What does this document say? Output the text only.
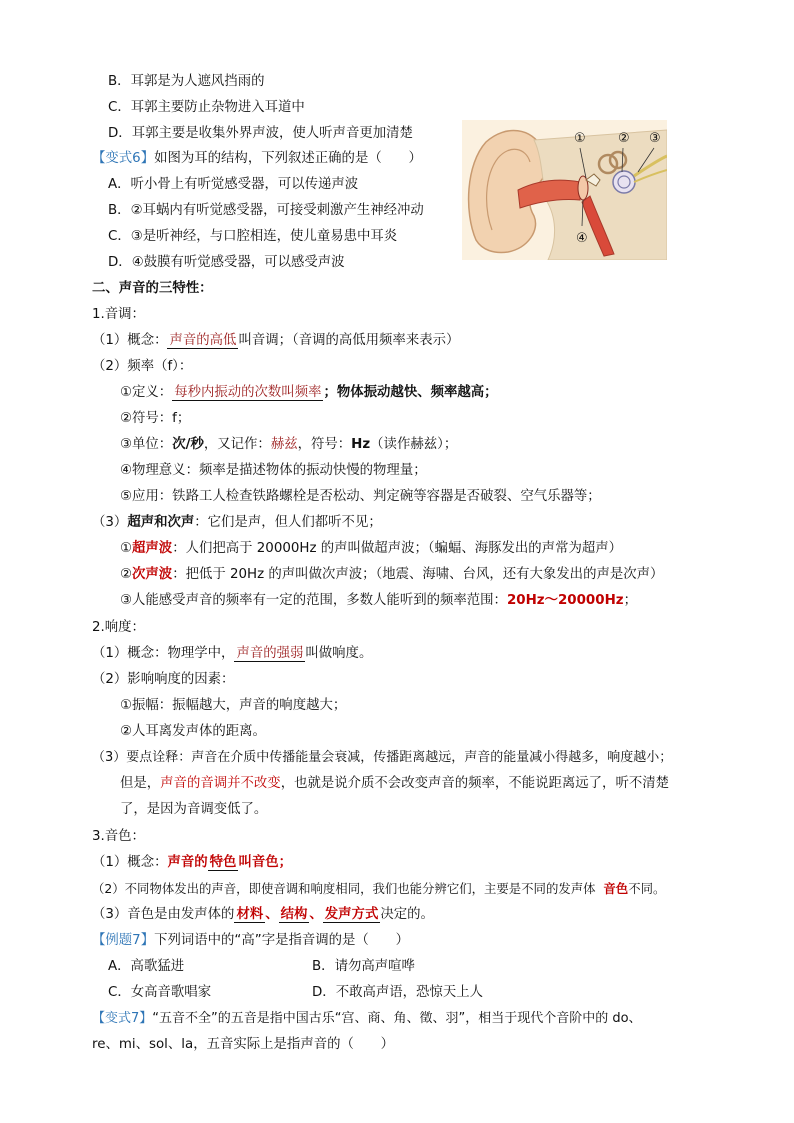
B．耳郭是为人遮风挡雨的
C．耳郭主要防止杂物进入耳道中
D．耳郭主要是收集外界声波，使人听声音更加清楚
【变式6】如图为耳的结构，下列叙述正确的是（　　）
A．听小骨上有听觉感受器，可以传递声波
B．②耳蜗内有听觉感受器，可接受刺激产生神经冲动
C．③是听神经，与口腔相连，使儿童易患中耳炎
D．④鼓膜有听觉感受器，可以感受声波
① ② ③
④
二、声音的三特性：
1.音调：
（1）概念： 声音的高低 叫音调；（音调的高低用频率来表示）
（2）频率（f）：
①定义： 每秒内振动的次数叫频率 ；物体振动越快、频率越高；
②符号：f；
③单位：次/秒，又记作：赫兹，符号：Hz（读作赫兹）；
④物理意义：频率是描述物体的振动快慢的物理量；
⑤应用：铁路工人检查铁路螺栓是否松动、判定碗等容器是否破裂、空气乐器等；
（3）超声和次声：它们是声，但人们都听不见；
①超声波：人们把高于 20000Hz 的声叫做超声波；（蝙蝠、海豚发出的声常为超声）
②次声波：把低于 20Hz 的声叫做次声波；（地震、海啸、台风，还有大象发出的声是次声）
③人能感受声音的频率有一定的范围，多数人能听到的频率范围：20Hz～20000Hz；
2.响度：
（1）概念：物理学中， 声音的强弱 叫做响度。
（2）影响响度的因素：
①振幅：振幅越大，声音的响度越大；
②人耳离发声体的距离。
（3）要点诠释：声音在介质中传播能量会衰减，传播距离越远，声音的能量减小得越多，响度越小；
但是，声音的音调并不改变，也就是说介质不会改变声音的频率，不能说距离远了，听不清楚
了，是因为音调变低了。
3.音色：
（1）概念：声音的 特色 叫音色；
（2）不同物体发出的声音，即使音调和响度相同，我们也能分辨它们，主要是不同的发声体 音色不同。
（3）音色是由发声体的 材料 、 结构 、 发声方式 决定的。
【例题7】下列词语中的“高”字是指音调的是（　　）
A．高歌猛进	B．请勿高声喧哗
C．女高音歌唱家	D．不敢高声语，恐惊天上人
【变式7】“五音不全”的五音是指中国古乐“宫、商、角、徵、羽”，相当于现代个音阶中的 do、
re、mi、sol、la，五音实际上是指声音的（　　）
